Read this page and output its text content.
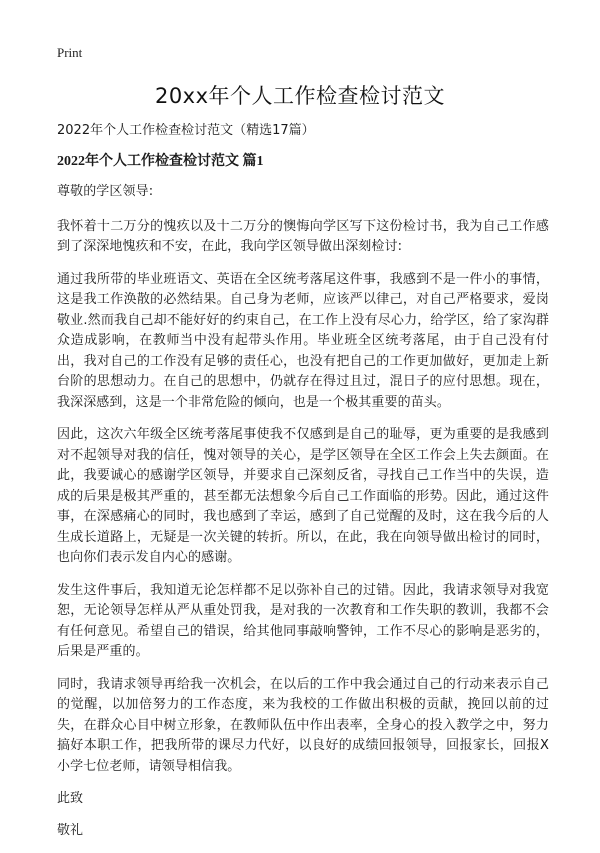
Print
20xx年个人工作检查检讨范文

2022年个人工作检查检讨范文（精选17篇）

2022年个人工作检查检讨范文 篇1

尊敬的学区领导:

我怀着十二万分的愧疚以及十二万分的懊悔向学区写下这份检讨书，我为自己工作感到了深深地愧疚和不安，在此，我向学区领导做出深刻检讨:

通过我所带的毕业班语文、英语在全区统考落尾这件事，我感到不是一件小的事情，这是我工作涣散的必然结果。自己身为老师，应该严以律己，对自己严格要求，爱岗敬业.然而我自己却不能好好的约束自己，在工作上没有尽心力，给学区，给了家沟群众造成影响，在教师当中没有起带头作用。毕业班全区统考落尾，由于自己没有付出，我对自己的工作没有足够的责任心，也没有把自己的工作更加做好，更加走上新台阶的思想动力。在自己的思想中，仍就存在得过且过，混日子的应付思想。现在，我深深感到，这是一个非常危险的倾向，也是一个极其重要的苗头。

因此，这次六年级全区统考落尾事使我不仅感到是自己的耻辱，更为重要的是我感到对不起领导对我的信任，愧对领导的关心，是学区领导在全区工作会上失去颜面。在此，我要诚心的感谢学区领导，并要求自己深刻反省，寻找自己工作当中的失误，造成的后果是极其严重的，甚至都无法想象今后自己工作面临的形势。因此，通过这件事，在深感痛心的同时，我也感到了幸运，感到了自己觉醒的及时，这在我今后的人生成长道路上，无疑是一次关键的转折。所以，在此，我在向领导做出检讨的同时，也向你们表示发自内心的感谢。

发生这件事后，我知道无论怎样都不足以弥补自己的过错。因此，我请求领导对我宽恕，无论领导怎样从严从重处罚我，是对我的一次教育和工作失职的教训，我都不会有任何意见。希望自己的错误，给其他同事敲响警钟，工作不尽心的影响是恶劣的，后果是严重的。

同时，我请求领导再给我一次机会，在以后的工作中我会通过自己的行动来表示自己的觉醒，以加倍努力的工作态度，来为我校的工作做出积极的贡献，挽回以前的过失，在群众心目中树立形象，在教师队伍中作出表率，全身心的投入教学之中，努力搞好本职工作，把我所带的课尽力代好，以良好的成绩回报领导，回报家长，回报X小学七位老师，请领导相信我。

此致

敬礼
